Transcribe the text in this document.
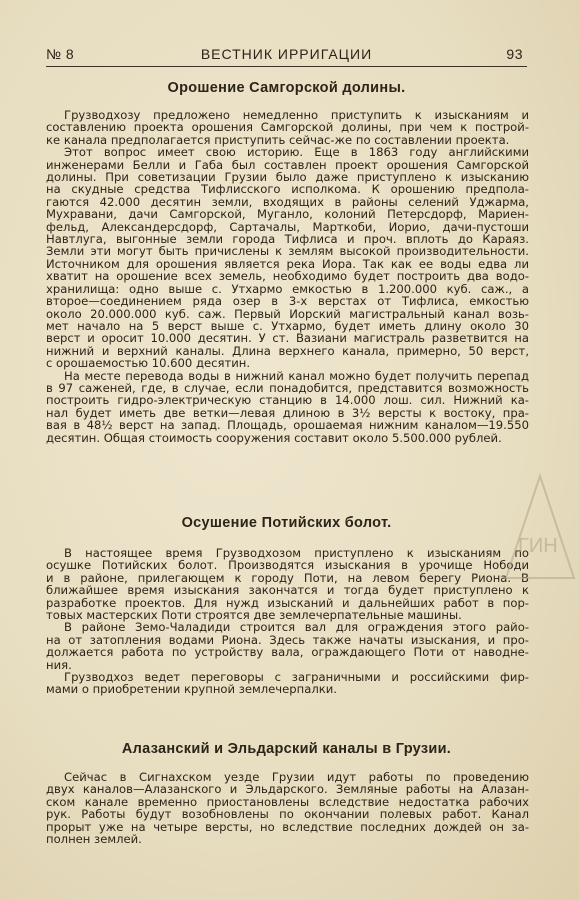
№ 8	ВЕСТНИК ИРРИГАЦИИ	93
Орошение Самгорской долины.

Грузводхозу предложено немедленно приступить к изысканиям и
составлению проекта орошения Самгорской долины, при чем к построй-
ке канала предполагается приступить сейчас-же по составлении проекта.

Этот вопрос имеет свою историю. Еще в 1863 году английскими
инженерами Белли и Габа был составлен проект орошения Самгорской
долины. При советизации Грузии было даже приступлено к изысканию
на скудные средства Тифлисского исполкома. К орошению предпола-
гаются 42.000 десятин земли, входящих в районы селений Уджарма,
Мухравани, дачи Самгорской, Муганло, колоний Петерсдорф, Мариен-
фельд, Александерсдорф, Сартачалы, Марткоби, Иорио, дачи-пустоши
Навтлуга, выгонные земли города Тифлиса и проч. вплоть до Караяз.
Земли эти могут быть причислены к землям высокой производительности.
Источником для орошения является река Иора. Так как ее воды едва ли
хватит на орошение всех земель, необходимо будет построить два водо-
хранилища: одно выше с. Утхармо емкостью в 1.200.000 куб. саж., а
второе—соединением ряда озер в 3-х верстах от Тифлиса, емкостью
около 20.000.000 куб. саж. Первый Иорский магистральный канал возь-
мет начало на 5 верст выше с. Утхармо, будет иметь длину около 30
верст и оросит 10.000 десятин. У ст. Вазиани магистраль разветвится на
нижний и верхний каналы. Длина верхнего канала, примерно, 50 верст,
с орошаемостью 10.600 десятин.

На месте перевода воды в нижний канал можно будет получить перепад
в 97 саженей, где, в случае, если понадобится, представится возможность
построить гидро-электрическую станцию в 14.000 лош. сил. Нижний ка-
нал будет иметь две ветки—левая длиною в 3½ версты к востоку, пра-
вая в 48½ верст на запад. Площадь, орошаемая нижним каналом—19.550
десятин. Общая стоимость сооружения составит около 5.500.000 рублей.

Осушение Потийских болот.

В настоящее время Грузводхозом приступлено к изысканиям по
осушке Потийских болот. Производятся изыскания в урочище Нободи
и в районе, прилегающем к городу Поти, на левом берегу Риона. В
ближайшее время изыскания закончатся и тогда будет приступлено к
разработке проектов. Для нужд изысканий и дальнейших работ в пор-
товых мастерских Поти строятся две землечерпательные машины.

В районе Земо-Чаладиди строится вал для ограждения этого райо-
на от затопления водами Риона. Здесь также начаты изыскания, и про-
должается работа по устройству вала, ограждающего Поти от наводне-
ния.

Грузводхоз ведет переговоры с заграничными и российскими фир-
мами о приобретении крупной землечерпалки.

Алазанский и Эльдарский каналы в Грузии.

Сейчас в Сигнахском уезде Грузии идут работы по проведению
двух каналов—Алазанского и Эльдарского. Земляные работы на Алазан-
ском канале временно приостановлены вследствие недостатка рабочих
рук. Работы будут возобновлены по окончании полевых работ. Канал
прорыт уже на четыре версты, но вследствие последних дождей он за-
полнен землей.

ГИН
